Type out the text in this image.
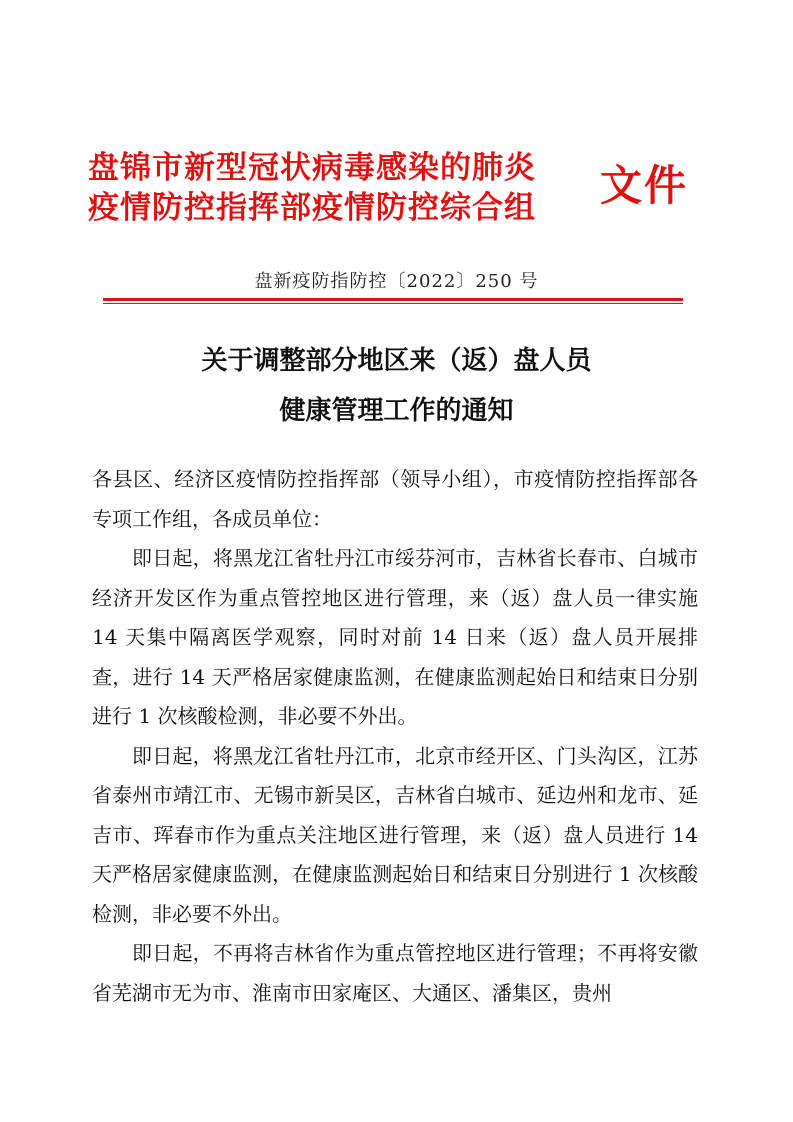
盘锦市新型冠状病毒感染的肺炎
疫情防控指挥部疫情防控综合组	文件
盘新疫防指防控〔2022〕250 号
关于调整部分地区来（返）盘人员
健康管理工作的通知

各县区、经济区疫情防控指挥部（领导小组），市疫情防控指挥部各专项工作组，各成员单位：

即日起，将黑龙江省牡丹江市绥芬河市，吉林省长春市、白城市经济开发区作为重点管控地区进行管理，来（返）盘人员一律实施 14 天集中隔离医学观察，同时对前 14 日来（返）盘人员开展排查，进行 14 天严格居家健康监测，在健康监测起始日和结束日分别进行 1 次核酸检测，非必要不外出。

即日起，将黑龙江省牡丹江市，北京市经开区、门头沟区，江苏省泰州市靖江市、无锡市新吴区，吉林省白城市、延边州和龙市、延吉市、珲春市作为重点关注地区进行管理，来（返）盘人员进行 14 天严格居家健康监测，在健康监测起始日和结束日分别进行 1 次核酸检测，非必要不外出。

即日起，不再将吉林省作为重点管控地区进行管理；不再将安徽省芜湖市无为市、淮南市田家庵区、大通区、潘集区，贵州
